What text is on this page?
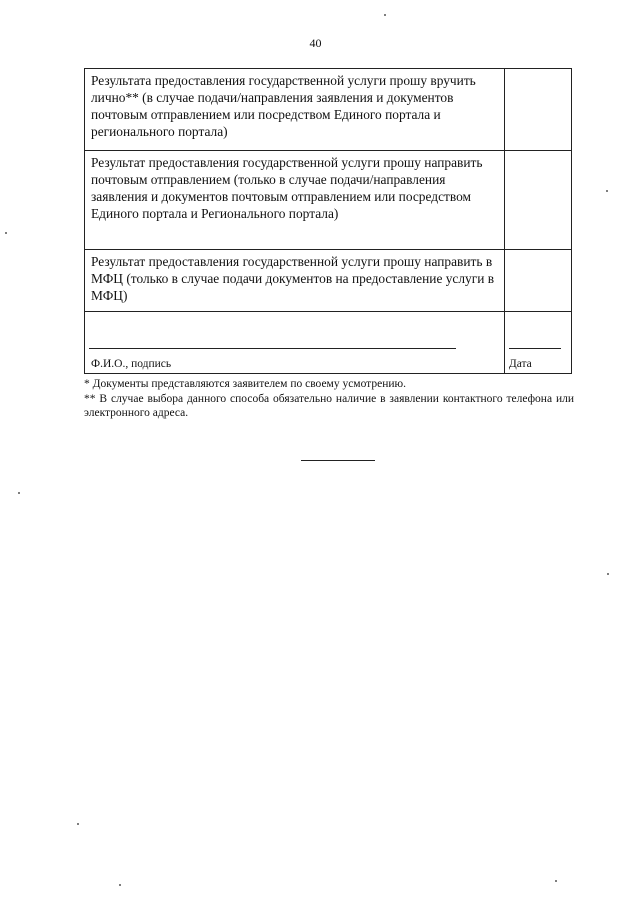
40
Результата предоставления государственной услуги прошу вручить лично** (в случае подачи/направления заявления и документов почтовым отправлением или посредством Единого портала и регионального портала)	

Результат предоставления государственной услуги прошу направить почтовым отправлением (только в случае подачи/направления заявления и документов почтовым отправлением или посредством Единого портала и Регионального портала)	

Результат предоставления государственной услуги прошу направить в МФЦ (только в случае подачи документов на предоставление услуги в МФЦ)	

Ф.И.О., подпись	Дата

* Документы представляются заявителем по своему усмотрению.

** В случае выбора данного способа обязательно наличие в заявлении контактного телефона или электронного адреса.
